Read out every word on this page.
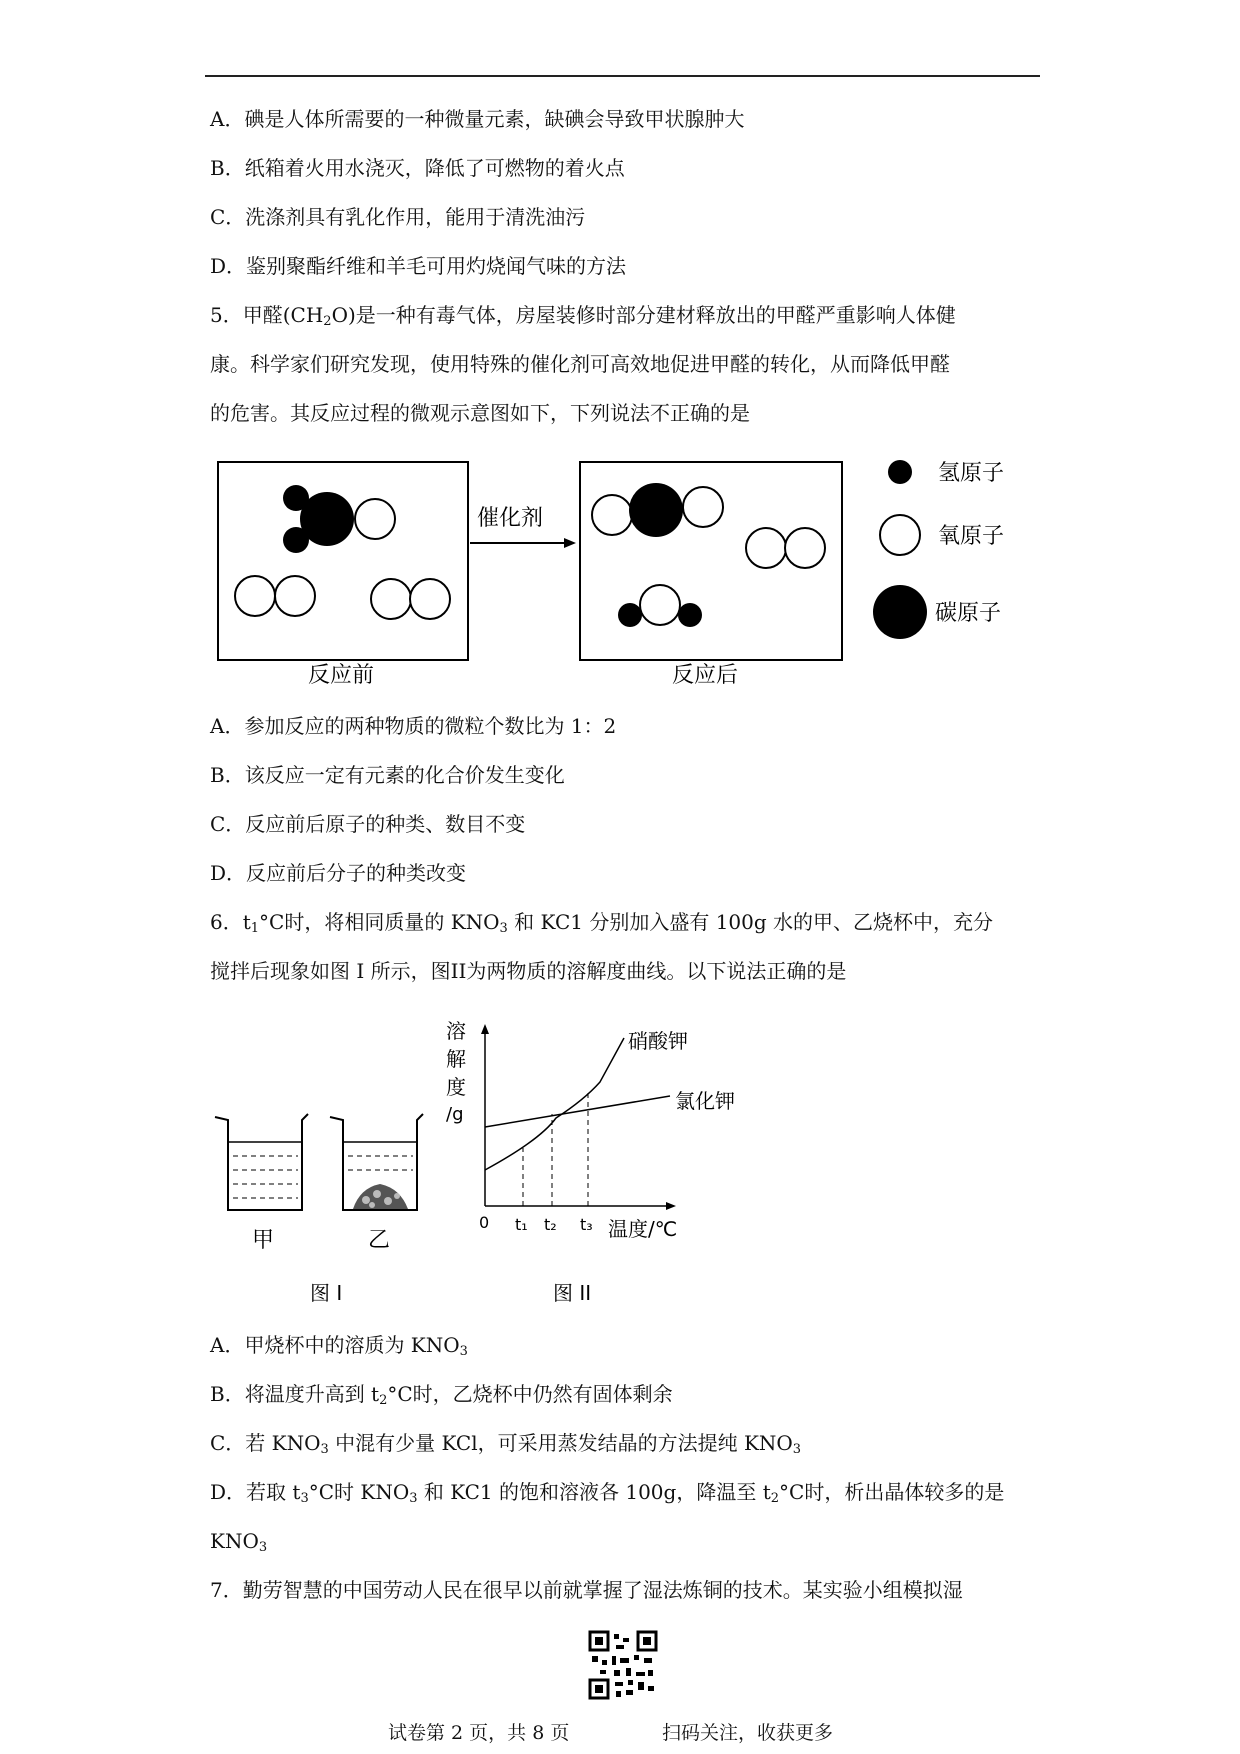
A．碘是人体所需要的一种微量元素，缺碘会导致甲状腺肿大
B．纸箱着火用水浇灭，降低了可燃物的着火点
C．洗涤剂具有乳化作用，能用于清洗油污
D．鉴别聚酯纤维和羊毛可用灼烧闻气味的方法
5．甲醛$(CH_2O)$是一种有毒气体，房屋装修时部分建材释放出的甲醛严重影响人体健
康。科学家们研究发现，使用特殊的催化剂可高效地促进甲醛的转化，从而降低甲醛
的危害。其反应过程的微观示意图如下，下列说法不正确的是
催化剂
反应前	反应后
氢原子
氧原子
碳原子
A．参加反应的两种物质的微粒个数比为 1：2
B．该反应一定有元素的化合价发生变化
C．反应前后原子的种类、数目不变
D．反应前后分子的种类改变
6．$t_1^\circ C$时，将相同质量的 $KNO_3$ 和 KC1 分别加入盛有 100g 水的甲、乙烧杯中，充分
搅拌后现象如图 I 所示，图II为两物质的溶解度曲线。以下说法正确的是
甲	乙
图 I
溶
解
度
/g
硝酸钾
氯化钾
0 t₁ t₂ t₃ 温度/℃
图 II
A．甲烧杯中的溶质为 $KNO_3$
B．将温度升高到 $t_2^\circ C$时，乙烧杯中仍然有固体剩余
C．若 $KNO_3$ 中混有少量 KCl，可采用蒸发结晶的方法提纯 $KNO_3$
D．若取 $t_3^\circ C$时 $KNO_3$ 和 KC1 的饱和溶液各 100g，降温至 $t_2^\circ C$时，析出晶体较多的是
$KNO_3$
7．勤劳智慧的中国劳动人民在很早以前就掌握了湿法炼铜的技术。某实验小组模拟湿
试卷第 2 页，共 8 页	扫码关注，收获更多
